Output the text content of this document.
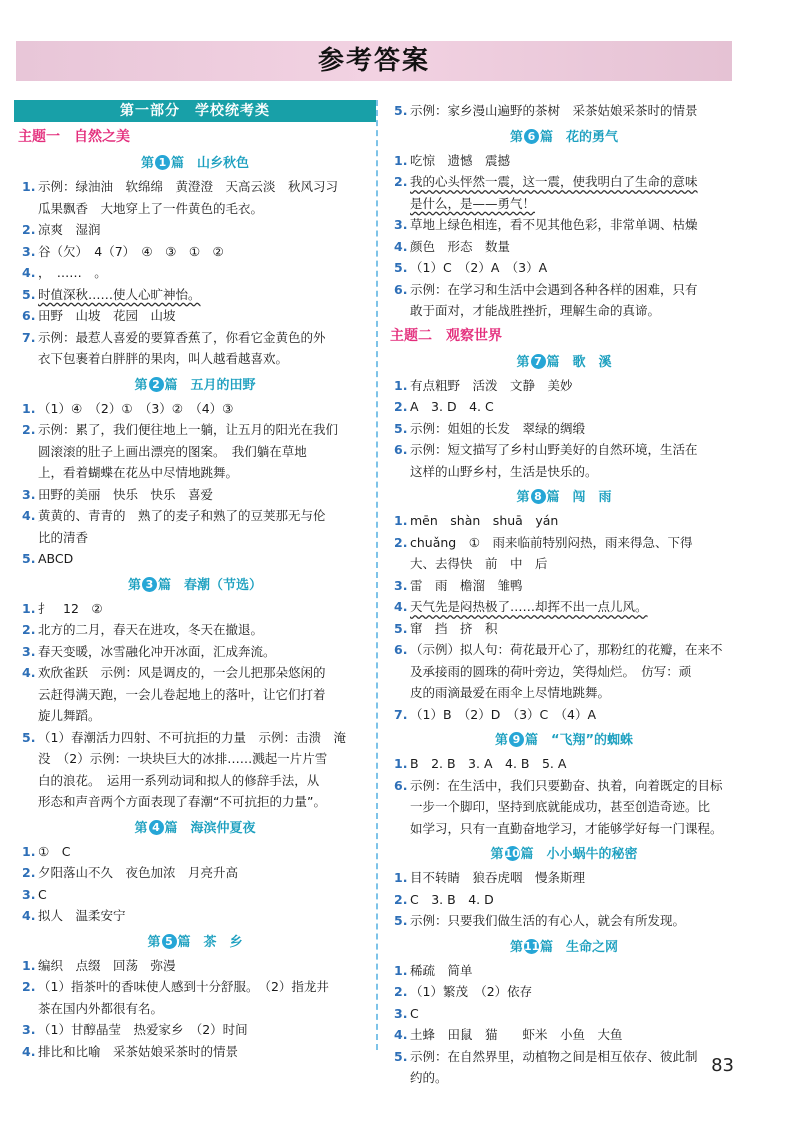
参考答案
第一部分　学校统考类
主题一　自然之美
第 1 篇　山乡秋色
1. 示例：绿油油　软绵绵　黄澄澄　天高云淡　秋风习习
瓜果飘香　大地穿上了一件黄色的毛衣。
2. 凉爽　湿润
3. 谷（欠）　4（7）　④　③　①　②
4. ，　……　。
5. 时值深秋……使人心旷神怡。
6. 田野　山坡　花园　山坡
7. 示例：最惹人喜爱的要算香蕉了，你看它金黄色的外
衣下包裹着白胖胖的果肉，叫人越看越喜欢。
第 2 篇　五月的田野
1. （1）④　（2）①　（3）②　（4）③
2. 示例：累了，我们便往地上一躺，让五月的阳光在我们
圆滚滚的肚子上画出漂亮的图案。　我们躺在草地
上，看着蝴蝶在花丛中尽情地跳舞。
3. 田野的美丽　快乐　快乐　喜爱
4. 黄黄的、青青的　熟了的麦子和熟了的豆荚那无与伦
比的清香
5. ABCD
第 3 篇　春潮（节选）
1. 扌　12　②
2. 北方的二月，春天在进攻，冬天在撤退。
3. 春天变暖，冰雪融化冲开冰面，汇成奔流。
4. 欢欣雀跃　示例：风是调皮的，一会儿把那朵悠闲的
云赶得满天跑，一会儿卷起地上的落叶，让它们打着
旋儿舞蹈。
5. （1）春潮活力四射、不可抗拒的力量　示例：击溃　淹
没　（2）示例：一块块巨大的冰排……溅起一片片雪
白的浪花。　运用一系列动词和拟人的修辞手法，从
形态和声音两个方面表现了春潮“不可抗拒的力量”。
第 4 篇　海滨仲夏夜
1. ①　C
2. 夕阳落山不久　夜色加浓　月亮升高
3. C
4. 拟人　温柔安宁
第 5 篇　茶　乡
1. 编织　点缀　回荡　弥漫
2. （1）指茶叶的香味使人感到十分舒服。　（2）指龙井
茶在国内外都很有名。
3. （1）甘醇晶莹　热爱家乡　（2）时间
4. 排比和比喻　采茶姑娘采茶时的情景
5. 示例：家乡漫山遍野的茶树　采茶姑娘采茶时的情景
第 6 篇　花的勇气
1. 吃惊　遗憾　震撼
2. 我的心头怦然一震，这一震，使我明白了生命的意味
是什么，是——勇气！
3. 草地上绿色相连，看不见其他色彩，非常单调、枯燥
4. 颜色　形态　数量
5. （1）C　（2）A　（3）A
6. 示例：在学习和生活中会遇到各种各样的困难，只有
敢于面对，才能战胜挫折，理解生命的真谛。
主题二　观察世界
第 7 篇　歌　溪
1. 有点粗野　活泼　文静　美妙
2. A　3. D　4. C
5. 示例：姐姐的长发　翠绿的绸缎
6. 示例：短文描写了乡村山野美好的自然环境，生活在
这样的山野乡村，生活是快乐的。
第 8 篇　闯　雨
1. mēn　shàn　shuā　yán
2. chuǎng　①　雨来临前特别闷热，雨来得急、下得
大、去得快　前　中　后
3. 雷　雨　檐溜　雏鸭
4. 天气先是闷热极了……却挥不出一点儿风。
5. 窜　挡　挤　积
6. （示例）拟人句：荷花最开心了，那粉红的花瓣，在来不
及承接雨的圆珠的荷叶旁边，笑得灿烂。　仿写：顽
皮的雨滴最爱在雨伞上尽情地跳舞。
7. （1）B　（2）D　（3）C　（4）A
第 9 篇　“飞翔”的蜘蛛
1. B　2. B　3. A　4. B　5. A
6. 示例：在生活中，我们只要勤奋、执着，向着既定的目标
一步一个脚印，坚持到底就能成功，甚至创造奇迹。比
如学习，只有一直勤奋地学习，才能够学好每一门课程。
第10篇　小小蜗牛的秘密
1. 目不转睛　狼吞虎咽　慢条斯理
2. C　3. B　4. D
5. 示例：只要我们做生活的有心人，就会有所发现。
第11篇　生命之网
1. 稀疏　简单
2. （1）繁茂　（2）依存
3. C
4. 土蜂　田鼠　猫　　虾米　小鱼　大鱼
5. 示例：在自然界里，动植物之间是相互依存、彼此制
约的。
83
